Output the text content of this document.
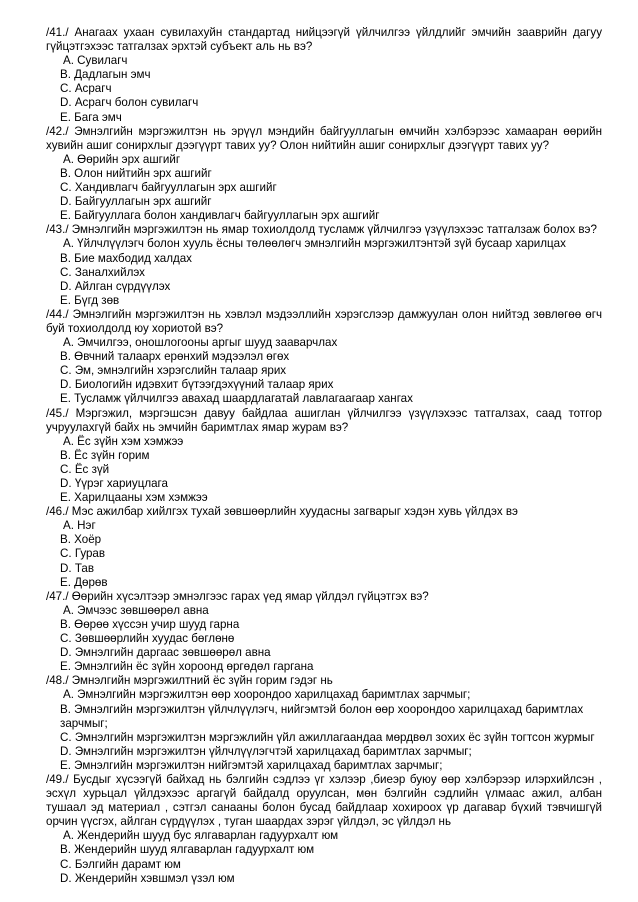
/41./ Анагаах ухаан сувилахуйн стандартад нийцээгүй үйлчилгээ үйлдлийг эмчийн зааврийн дагуу гүйцэтгэхээс татгалзах эрхтэй субъект аль нь вэ?
A. Сувилагч
B. Дадлагын эмч
C. Асрагч
D. Асрагч болон сувилагч
E. Бага эмч
/42./ Эмнэлгийн мэргэжилтэн нь эрүүл мэндийн байгууллагын өмчийн хэлбэрээс хамааран өөрийн хувийн ашиг сонирхлыг дээгүүрт тавих уу? Олон нийтийн ашиг сонирхлыг дээгүүрт тавих уу?
A. Өөрийн эрх ашгийг
B. Олон нийтийн эрх ашгийг
C. Хандивлагч байгууллагын эрх ашгийг
D. Байгууллагын эрх ашгийг
E. Байгууллага болон хандивлагч байгууллагын эрх ашгийг
/43./ Эмнэлгийн мэргэжилтэн нь ямар тохиолдолд тусламж үйлчилгээ үзүүлэхээс татгалзаж болох вэ?
A. Үйлчлүүлэгч болон хууль ёсны төлөөлөгч эмнэлгийн мэргэжилтэнтэй зүй бусаар харилцах
B. Бие махбодид халдах
C. Заналхийлэх
D. Айлган сүрдүүлэх
E. Бүгд зөв
/44./ Эмнэлгийн мэргэжилтэн нь хэвлэл мэдээллийн хэрэгслээр дамжуулан олон нийтэд зөвлөгөө өгч буй тохиолдолд юу хориотой вэ?
A. Эмчилгээ, оношлогооны аргыг шууд зааварчлах
B. Өвчний талаарх ерөнхий мэдээлэл өгөх
C. Эм, эмнэлгийн хэрэгслийн талаар ярих
D. Биологийн идэвхит бүтээгдэхүүний талаар ярих
E. Тусламж үйлчилгээ авахад шаардлагатай лавлагаагаар хангах
/45./ Мэргэжил, мэргэшсэн давуу байдлаа ашиглан үйлчилгээ үзүүлэхээс татгалзах, саад тотгор учруулахгүй байх нь эмчийн баримтлах ямар журам вэ?
A. Ёс зүйн хэм хэмжээ
B. Ёс зүйн горим
C. Ёс зүй
D. Үүрэг хариуцлага
E. Харилцааны хэм хэмжээ
/46./ Мэс ажилбар хийлгэх тухай зөвшөөрлийн хуудасны загварыг хэдэн хувь үйлдэх вэ
A. Нэг
B. Хоёр
C. Гурав
D. Тав
E. Дөрөв
/47./ Өөрийн хүсэлтээр эмнэлгээс гарах үед ямар үйлдэл гүйцэтгэх вэ?
A. Эмчээс зөвшөөрөл авна
B. Өөрөө хүссэн учир шууд гарна
C. Зөвшөөрлийн хуудас бөглөнө
D. Эмнэлгийн даргаас зөвшөөрөл авна
E. Эмнэлгийн ёс зүйн хороонд өргөдөл гаргана
/48./ Эмнэлгийн мэргэжилтний ёс зүйн горим гэдэг нь
A. Эмнэлгийн мэргэжилтэн өөр хоорондоо харилцахад баримтлах зарчмыг;
B. Эмнэлгийн мэргэжилтэн үйлчлүүлэгч, нийгэмтэй болон өөр хоорондоо харилцахад баримтлах зарчмыг;
C. Эмнэлгийн мэргэжилтэн мэргэжлийн үйл ажиллагаандаа мөрдвөл зохих ёс зүйн тогтсон журмыг
D. Эмнэлгийн мэргэжилтэн үйлчлүүлэгчтэй харилцахад баримтлах зарчмыг;
E. Эмнэлгийн мэргэжилтэн нийгэмтэй харилцахад баримтлах зарчмыг;
/49./ Бусдыг хүсээгүй байхад нь бэлгийн сэдлээ үг хэлээр ,биеэр буюу өөр хэлбэрээр илэрхийлсэн , эсхүл хурьцал үйлдэхээс аргагүй байдалд оруулсан, мөн бэлгийн сэдлийн үлмаас ажил, албан тушаал эд материал , сэтгэл санааны болон бусад байдлаар хохироох үр дагавар бүхий тэвчишгүй орчин үүсгэх, айлган сүрдүүлэх , туган шаардах зэрэг үйлдэл, эс үйлдэл нь
A. Жендерийн шууд бус ялгаварлан гадуурхалт юм
B. Жендерийн шууд ялгаварлан гадуурхалт юм
C. Бэлгийн дарамт юм
D. Жендерийн хэвшмэл үзэл юм
